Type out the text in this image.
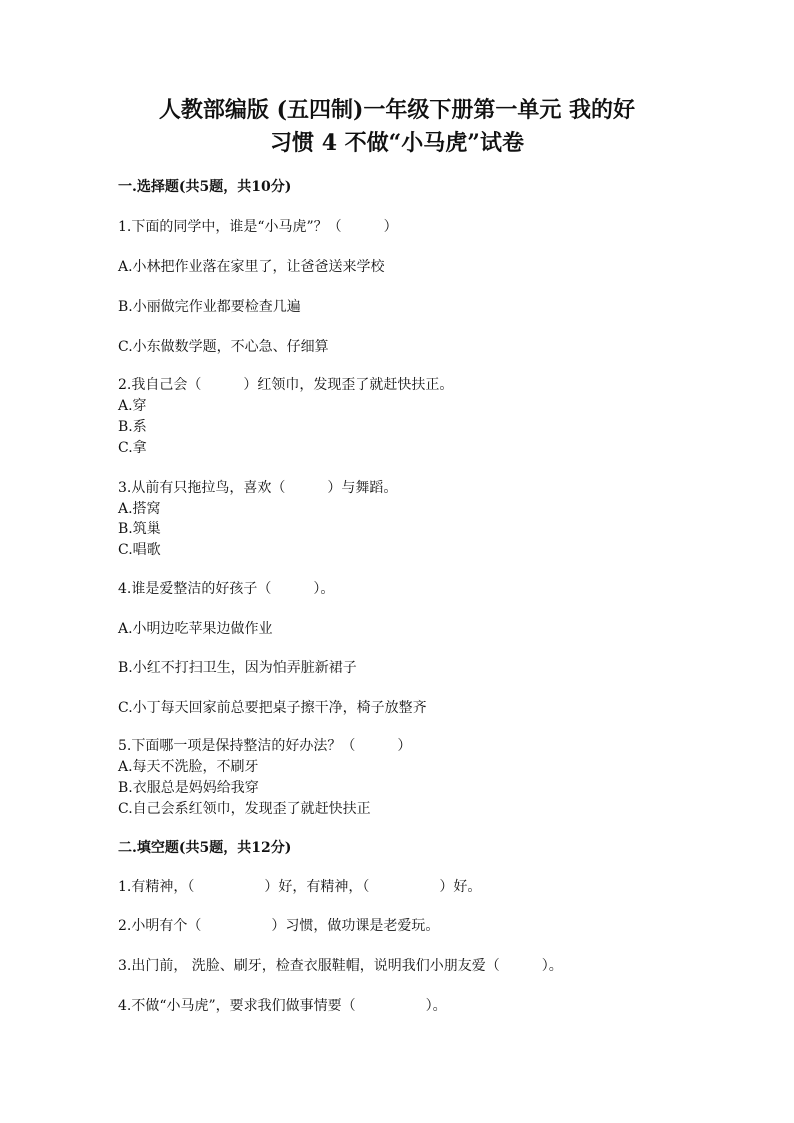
人教部编版 (五四制)一年级下册第一单元 我的好
习惯 4 不做“小马虎”试卷
一.选择题(共5题，共10分)
1.下面的同学中，谁是“小马虎”？（　　　）
A.小林把作业落在家里了，让爸爸送来学校
B.小丽做完作业都要检查几遍
C.小东做数学题，不心急、仔细算
2.我自己会（　　　）红领巾，发现歪了就赶快扶正。
A.穿
B.系
C.拿
3.从前有只拖拉鸟，喜欢（　　　）与舞蹈。
A.搭窝
B.筑巢
C.唱歌
4.谁是爱整洁的好孩子（　　　）。
A.小明边吃苹果边做作业
B.小红不打扫卫生，因为怕弄脏新裙子
C.小丁每天回家前总要把桌子擦干净，椅子放整齐
5.下面哪一项是保持整洁的好办法？（　　　）
A.每天不洗脸，不刷牙
B.衣服总是妈妈给我穿
C.自己会系红领巾，发现歪了就赶快扶正
二.填空题(共5题，共12分)
1.有精神，（　　　　　）好，有精神，（　　　　　）好。
2.小明有个（　　　　　）习惯，做功课是老爱玩。
3.出门前， 洗脸、刷牙，检查衣服鞋帽，说明我们小朋友爱（　　　）。
4.不做“小马虎”，要求我们做事情要（　　　　　）。
